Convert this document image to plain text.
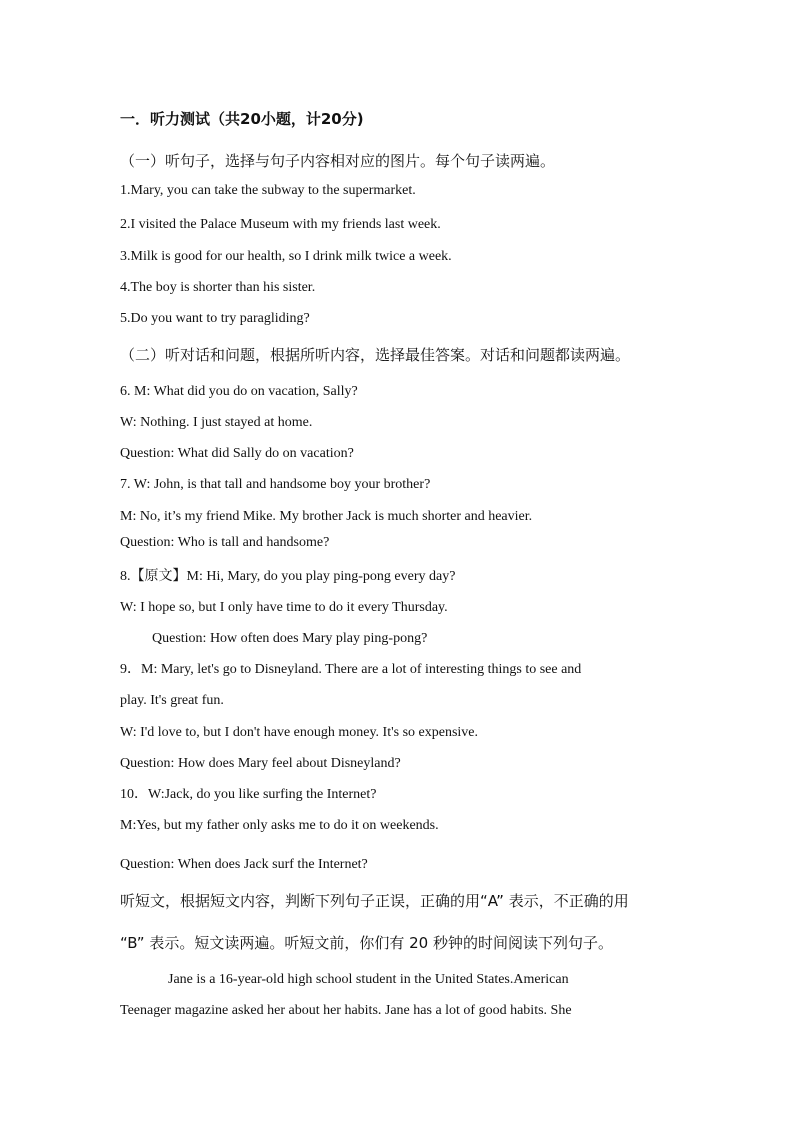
一．听力测试（共20小题，计20分)
（一）听句子，选择与句子内容相对应的图片。每个句子读两遍。
1.Mary, you can take the subway to the supermarket.
2.I visited the Palace Museum with my friends last week.
3.Milk is good for our health, so I drink milk twice a week.
4.The boy is shorter than his sister.
5.Do you want to try paragliding?
（二）听对话和问题，根据所听内容，选择最佳答案。对话和问题都读两遍。
6. M: What did you do on vacation, Sally?
W: Nothing. I just stayed at home.
Question: What did Sally do on vacation?
7. W: John, is that tall and handsome boy your brother?
M: No, it’s my friend Mike. My brother Jack is much shorter and heavier.
Question: Who is tall and handsome?
8.【原文】M: Hi, Mary, do you play ping-pong every day?
W: I hope so, but I only have time to do it every Thursday.
Question: How often does Mary play ping-pong?
9．M: Mary, let's go to Disneyland. There are a lot of interesting things to see and
play. It's great fun.
W: I'd love to, but I don't have enough money. It's so expensive.
Question: How does Mary feel about Disneyland?
10．W:Jack, do you like surfing the Internet?
M:Yes, but my father only asks me to do it on weekends.
Question: When does Jack surf the Internet?
听短文，根据短文内容，判断下列句子正误，正确的用“A” 表示，不正确的用
“B” 表示。短文读两遍。听短文前，你们有 20 秒钟的时间阅读下列句子。
Jane is a 16-year-old high school student in the United States.American
Teenager magazine asked her about her habits. Jane has a lot of good habits. She
